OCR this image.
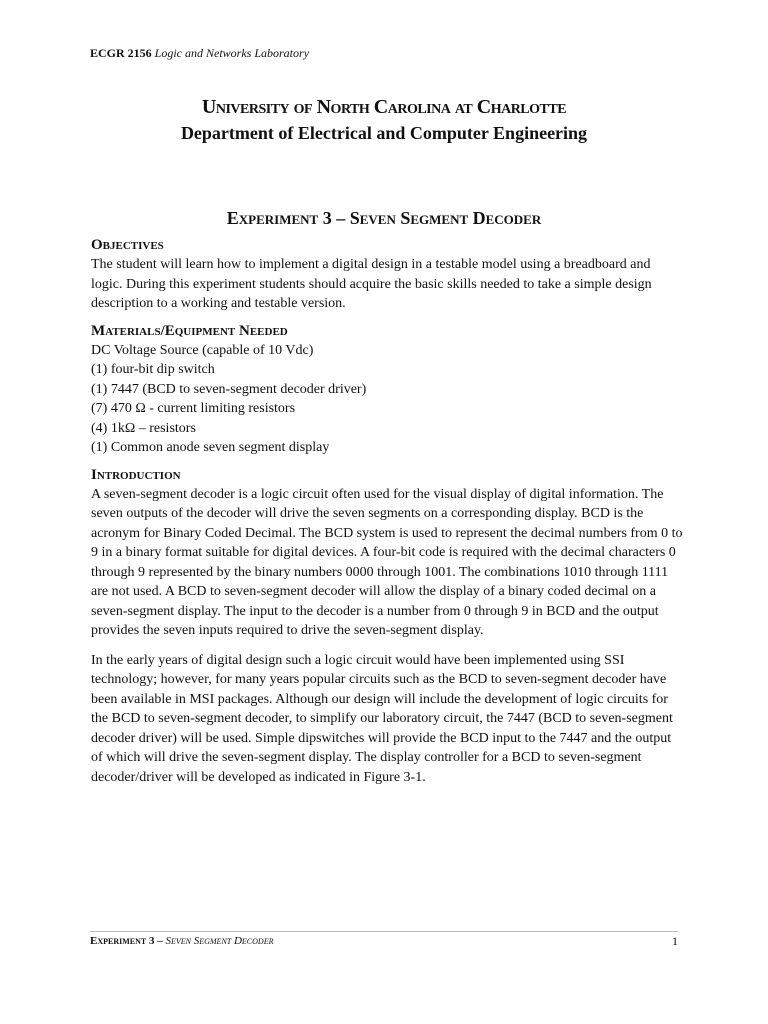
ECGR 2156 Logic and Networks Laboratory
University of North Carolina at Charlotte
Department of Electrical and Computer Engineering
Experiment 3 – Seven Segment Decoder
Objectives

The student will learn how to implement a digital design in a testable model using a breadboard and logic. During this experiment students should acquire the basic skills needed to take a simple design description to a working and testable version.

Materials/Equipment Needed
DC Voltage Source (capable of 10 Vdc)
(1) four-bit dip switch
(1) 7447 (BCD to seven-segment decoder driver)
(7) 470 Ω - current limiting resistors
(4) 1kΩ – resistors
(1) Common anode seven segment display
Introduction

A seven-segment decoder is a logic circuit often used for the visual display of digital information. The seven outputs of the decoder will drive the seven segments on a corresponding display. BCD is the acronym for Binary Coded Decimal. The BCD system is used to represent the decimal numbers from 0 to 9 in a binary format suitable for digital devices. A four-bit code is required with the decimal characters 0 through 9 represented by the binary numbers 0000 through 1001. The combinations 1010 through 1111 are not used. A BCD to seven-segment decoder will allow the display of a binary coded decimal on a seven-segment display. The input to the decoder is a number from 0 through 9 in BCD and the output provides the seven inputs required to drive the seven-segment display.

In the early years of digital design such a logic circuit would have been implemented using SSI technology; however, for many years popular circuits such as the BCD to seven-segment decoder have been available in MSI packages. Although our design will include the development of logic circuits for the BCD to seven-segment decoder, to simplify our laboratory circuit, the 7447 (BCD to seven-segment decoder driver) will be used. Simple dipswitches will provide the BCD input to the 7447 and the output of which will drive the seven-segment display. The display controller for a BCD to seven-segment decoder/driver will be developed as indicated in Figure 3-1.

Experiment 3 – Seven Segment Decoder	1
